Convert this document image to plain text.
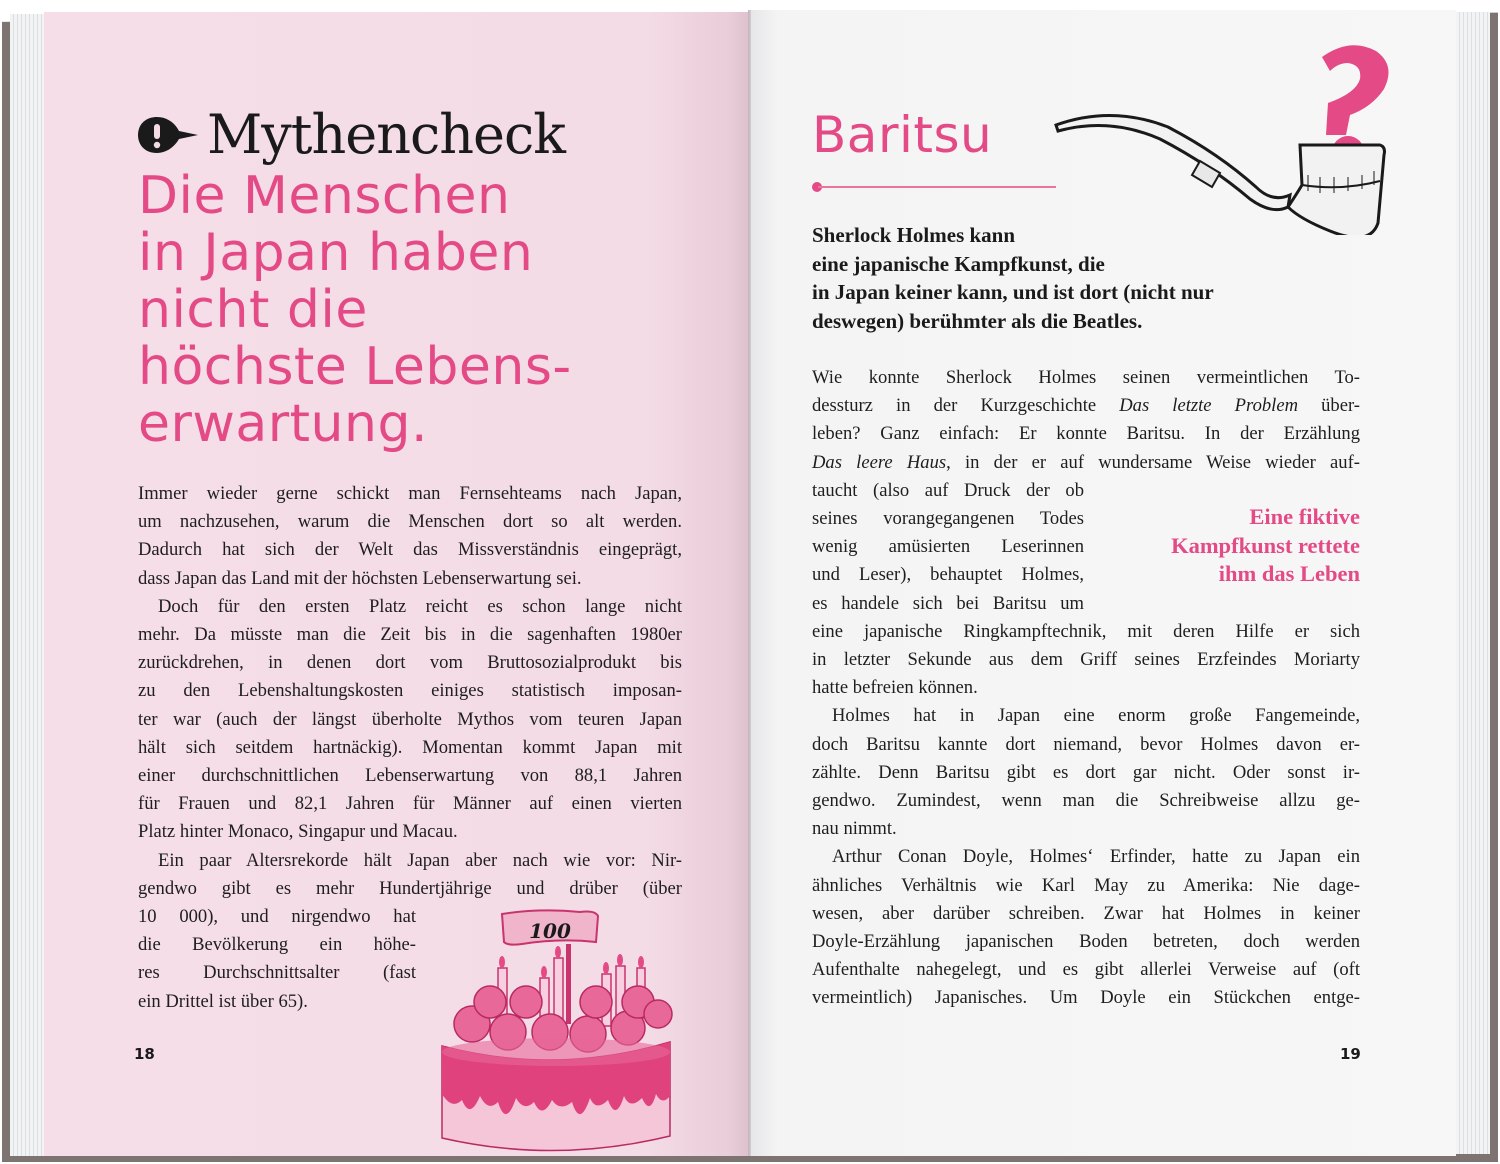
Mythencheck
Die Menschen
in Japan haben
nicht die
höchste Lebens-
erwartung.
Immer wieder gerne schickt man Fernsehteams nach Japan,
um nachzusehen, warum die Menschen dort so alt werden.
Dadurch hat sich der Welt das Missverständnis eingeprägt,
dass Japan das Land mit der höchsten Lebenserwartung sei.
Doch für den ersten Platz reicht es schon lange nicht
mehr. Da müsste man die Zeit bis in die sagenhaften 1980er
zurückdrehen, in denen dort vom Bruttosozialprodukt bis
zu den Lebenshaltungskosten einiges statistisch imposan-
ter war (auch der längst überholte Mythos vom teuren Japan
hält sich seitdem hartnäckig). Momentan kommt Japan mit
einer durchschnittlichen Lebenserwartung von 88,1 Jahren
für Frauen und 82,1 Jahren für Männer auf einen vierten
Platz hinter Monaco, Singapur und Macau.
Ein paar Altersrekorde hält Japan aber nach wie vor: Nir-
gendwo gibt es mehr Hundertjährige und drüber (über
10 000), und nirgendwo hat
die Bevölkerung ein höhe-
res Durchschnittsalter (fast
ein Drittel ist über 65).
100
18
Baritsu
Sherlock Holmes kann
eine japanische Kampfkunst, die
in Japan keiner kann, und ist dort (nicht nur
deswegen) berühmter als die Beatles.
Wie konnte Sherlock Holmes seinen vermeintlichen To-
dessturz in der Kurzgeschichte Das letzte Problem über-
leben? Ganz einfach: Er konnte Baritsu. In der Erzählung
Das leere Haus, in der er auf wundersame Weise wieder auf-
taucht (also auf Druck der ob
seines vorangegangenen Todes
wenig amüsierten Leserinnen
und Leser), behauptet Holmes,
es handele sich bei Baritsu um
eine japanische Ringkampftechnik, mit deren Hilfe er sich
in letzter Sekunde aus dem Griff seines Erzfeindes Moriarty
hatte befreien können.
Holmes hat in Japan eine enorm große Fangemeinde,
doch Baritsu kannte dort niemand, bevor Holmes davon er-
zählte. Denn Baritsu gibt es dort gar nicht. Oder sonst ir-
gendwo. Zumindest, wenn man die Schreibweise allzu ge-
nau nimmt.
Arthur Conan Doyle, Holmes‘ Erfinder, hatte zu Japan ein
ähnliches Verhältnis wie Karl May zu Amerika: Nie dage-
wesen, aber darüber schreiben. Zwar hat Holmes in keiner
Doyle-Erzählung japanischen Boden betreten, doch werden
Aufenthalte nahegelegt, und es gibt allerlei Verweise auf (oft
vermeintlich) Japanisches. Um Doyle ein Stückchen entge-
Eine fiktive
Kampfkunst rettete
ihm das Leben
19
